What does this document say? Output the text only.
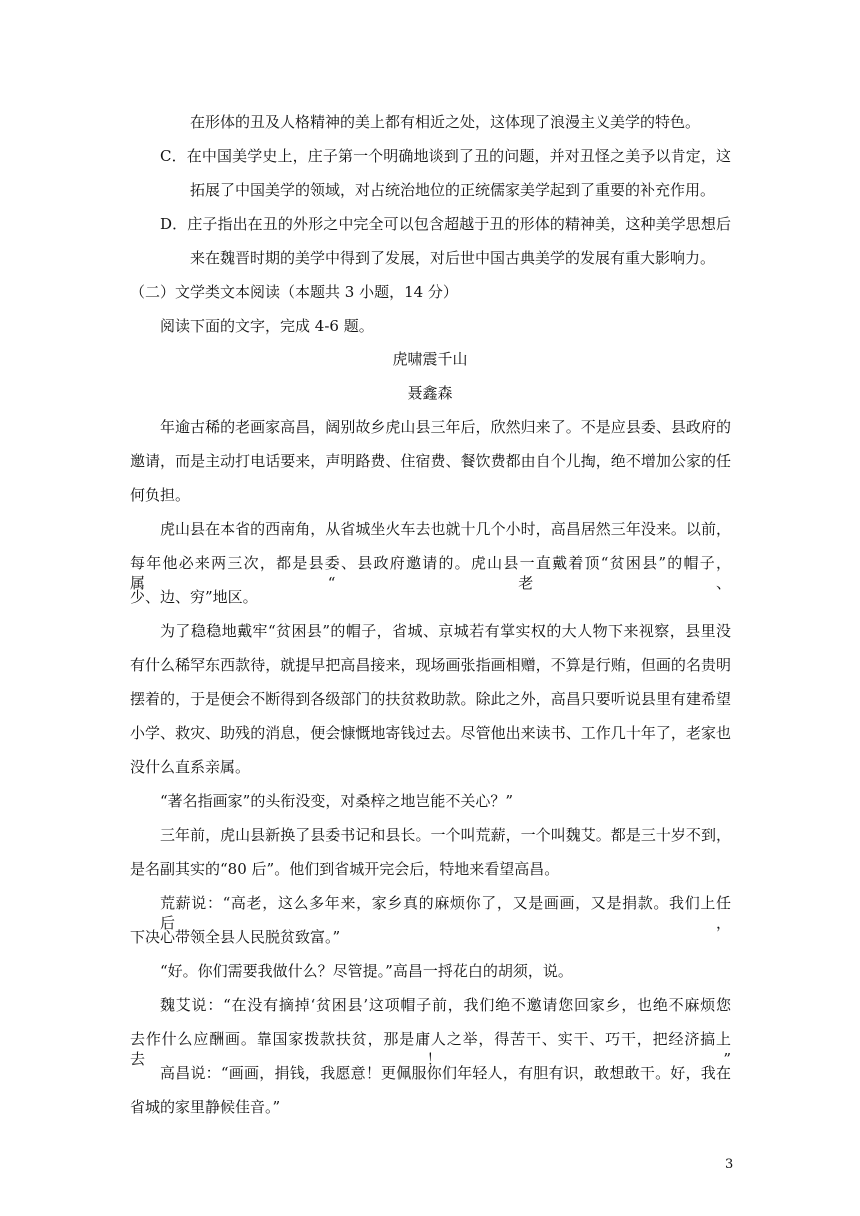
在形体的丑及人格精神的美上都有相近之处，这体现了浪漫主义美学的特色。
C．在中国美学史上，庄子第一个明确地谈到了丑的问题，并对丑怪之美予以肯定，这
拓展了中国美学的领域，对占统治地位的正统儒家美学起到了重要的补充作用。
D．庄子指出在丑的外形之中完全可以包含超越于丑的形体的精神美，这种美学思想后
来在魏晋时期的美学中得到了发展，对后世中国古典美学的发展有重大影响力。
（二）文学类文本阅读（本题共 3 小题，14 分）
阅读下面的文字，完成 4-6 题。
虎啸震千山
聂鑫森
年逾古稀的老画家高昌，阔别故乡虎山县三年后，欣然归来了。不是应县委、县政府的
邀请，而是主动打电话要来，声明路费、住宿费、餐饮费都由自个儿掏，绝不增加公家的任
何负担。
虎山县在本省的西南角，从省城坐火车去也就十几个小时，高昌居然三年没来。以前，
每年他必来两三次，都是县委、县政府邀请的。虎山县一直戴着顶“贫困县”的帽子，属“老、
少、边、穷”地区。
为了稳稳地戴牢“贫困县”的帽子，省城、京城若有掌实权的大人物下来视察，县里没
有什么稀罕东西款待，就提早把高昌接来，现场画张指画相赠，不算是行贿，但画的名贵明
摆着的，于是便会不断得到各级部门的扶贫救助款。除此之外，高昌只要听说县里有建希望
小学、救灾、助残的消息，便会慷慨地寄钱过去。尽管他出来读书、工作几十年了，老家也
没什么直系亲属。
“著名指画家”的头衔没变，对桑梓之地岂能不关心？”
三年前，虎山县新换了县委书记和县长。一个叫荒薪，一个叫魏艾。都是三十岁不到，
是名副其实的“80 后”。他们到省城开完会后，特地来看望高昌。
荒薪说：“高老，这么多年来，家乡真的麻烦你了，又是画画，又是捐款。我们上任后，
下决心带领全县人民脱贫致富。”
“好。你们需要我做什么？尽管提。”高昌一捋花白的胡须，说。
魏艾说：“在没有摘掉‘贫困县’这项帽子前，我们绝不邀请您回家乡，也绝不麻烦您
去作什么应酬画。靠国家拨款扶贫，那是庸人之举，得苦干、实干、巧干，把经济搞上去！”
高昌说：“画画，捐钱，我愿意！更佩服你们年轻人，有胆有识，敢想敢干。好，我在
省城的家里静候佳音。”
3
